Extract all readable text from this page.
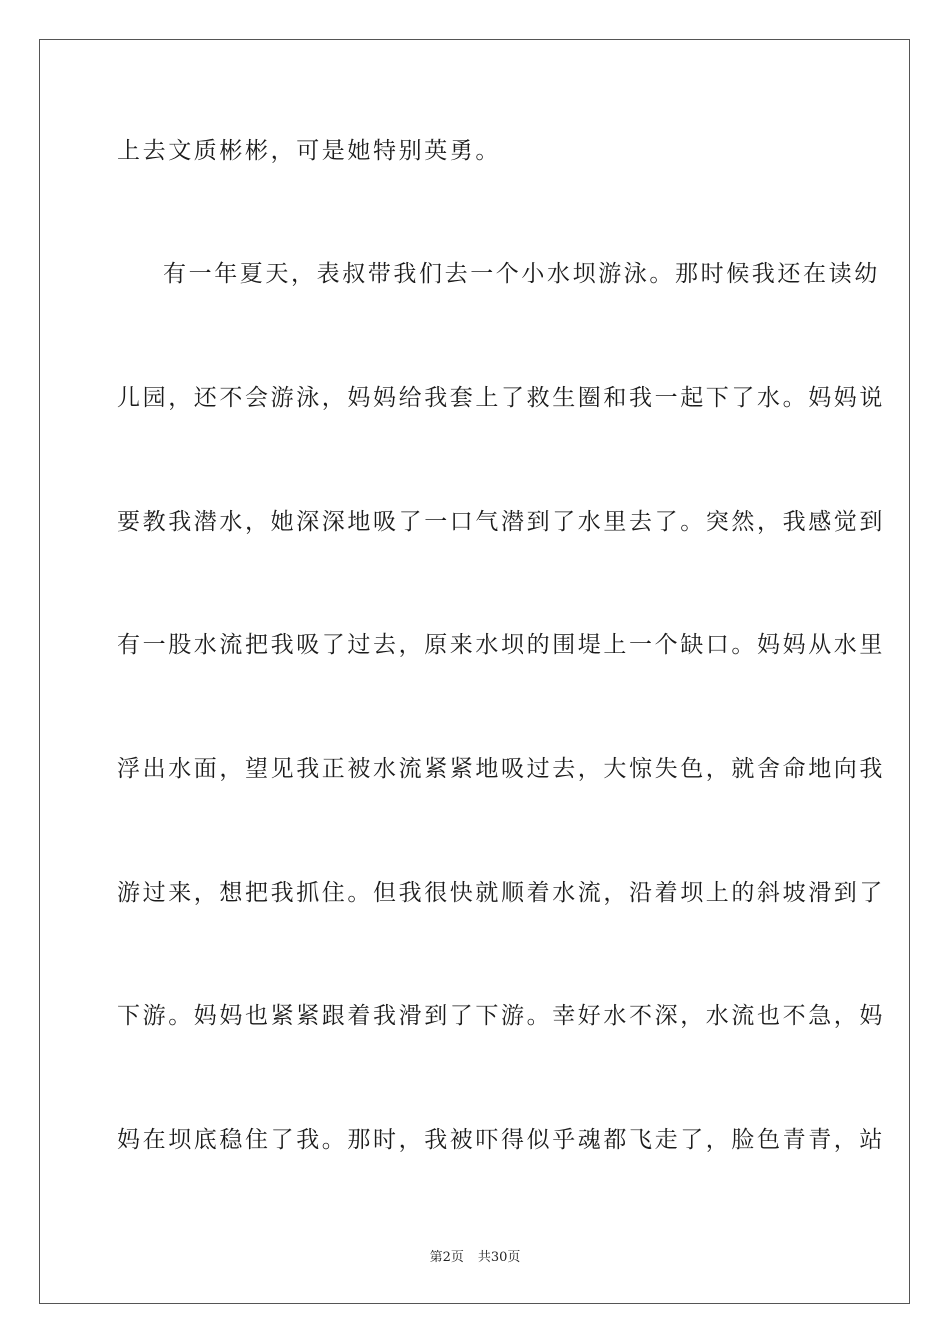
上去文质彬彬，可是她特别英勇。
有一年夏天，表叔带我们去一个小水坝游泳。那时候我还在读幼
儿园，还不会游泳，妈妈给我套上了救生圈和我一起下了水。妈妈说
要教我潜水，她深深地吸了一口气潜到了水里去了。突然，我感觉到
有一股水流把我吸了过去，原来水坝的围堤上一个缺口。妈妈从水里
浮出水面，望见我正被水流紧紧地吸过去，大惊失色，就舍命地向我
游过来，想把我抓住。但我很快就顺着水流，沿着坝上的斜坡滑到了
下游。妈妈也紧紧跟着我滑到了下游。幸好水不深，水流也不急，妈
妈在坝底稳住了我。那时，我被吓得似乎魂都飞走了，脸色青青，站
第2页 共30页
